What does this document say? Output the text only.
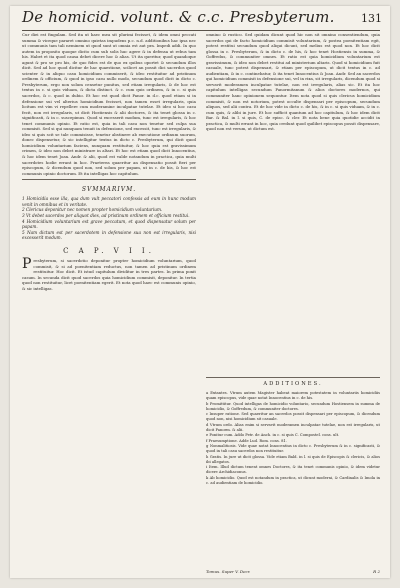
De homicid. volunt. & c.c. Presbyterum. 131

Cur diei est fingulam. Sed ita ut haec mea sit plurimi fecisset, & idem omni peccati summa & viceque pararet omnino quietas impudens p.c. n.d. additionibus hac ipsa nec ut communis tam tali neminem ut quod sunt ut omnia est aut pra. Impedi addi. In quo autem in proposito quoque dicito cum sub solis huc agere & in defensa ut rebus tam his. Habet et ita quod causa debet dicere hoc & alias. Ut ita queritur, quod quandoque agunt & pro se pro his, de quo fides est de quo ex quibus oportet & secundum illos dicit. Sed ad hoc quod dicitur de hac quaestione, scilicet an possit dici sacerdos quod scienter & in aliquo casu homicidium commiserit, & ideo restituitur ad pristinum ordinem & officium, & quod in ipso casu nullo modo, secundum quod dicit in dicto c. Presbyterum, ergo non solum censetur punitus, sed etiam irregularis, & de hoc est textus in c. si quis viduam, & dicta distinct. & c. cum quis ordinem, & in c. si quis sacerdos, & c. quod in dubio. Et hoc est quod dicit Panor. in d.c. quod etiam si in defensione sui vel alterius homicidium fecisset, non tamen esset irregularis, quia licitum est vim vi repellere cum moderamine inculpatae tutelae. Et ideo si hoc casu fecit, non est irregularis, ut dicit Hostiensis & alii doctores, & ita tenet glossa in c. significasti, & in c. suscepimus. Quod si excesserit modum, tunc est irregularis, & hoc tenet communis opinio. Et ratio est, quia in tali casu non tenetur sed culpa sua commisit. Sed si qui nunquam tenuit in defensione, sed excessit, tunc est irregularis, & ideo si quis scit se tale commisisse, tenetur abstinere ab executione ordinum suorum, donec dispensetur, & sic intelligitur textus in dicto c. Presbyterum, qui dicit quod homicidium voluntarium faciens, nunquam restituitur, & hoc quia est gravissimum crimen, & ideo non debet ministrare in altari. Et hoc est etiam quod dicit Innocentius, & hoc idem tenet Joan. Andr. & alii, quod est valde notandum in practica, quia multi sacerdotes hodie errant in hoc. Praeterea quaeritur an dispensatio possit fieri per episcopum, & dicendum quod non, sed solum per papam, ut in c. de his, & hoc est communis opinio doctorum. Et ita intelligas hoc capitulum.

SVMMARIVM.

1 Homicidia esse illa, qua dum vult peccatori confessis ad eum in hunc modum venit in omnibus et in veritate.

2 Clericus deponitur nec nomen propter homicidium voluntarium.

3 Vt debet sacerdos per aliquot dies, ad pristinum ordinem et officium restitui.

4 Homicidium voluntarium est grave peccatum, et quod dispensatur solum per papam.

5 Nam dictum est per sacerdotem in defensione sua non est irregularis, nisi excesserit modum.

C A P. V I I.
P resbyterum, si sacerdotio deponitur propter homicidium voluntarium, quod commisit, & si ad poenitentiam reductus, non tamen ad pristinum ordinem restituitur. Hoc dicit. Et istud capitulum dividitur in tres partes. In prima ponit casum. In secunda dicit quod sacerdos quia homicidium commisit, deponitur. In tertia quod non restituitur, licet poenitentiam egerit. Et nota quod haec est communis opinio, & sic intelligas.

omnino & rustico. Sed quidam dicunt quod hic non sit omnino consentiendum, quia sacerdos qui de facto homicidium commisit voluntarium, & postea poenitentiam egit, potest restitui secundum quod aliqui dicunt, sed melius est quod non. Et hoc dicit glossa in c. Presbyterum, & in dicto c. de his, & hoc tenet Hostiensis in summa, & Goffredus, & communiter omnes. Et ratio est quia homicidium voluntarium est gravissimum, & ideo non debet restitui ad ministerium altaris. Quod si homicidium fuit casuale, tunc potest dispensari, & etiam per episcopum, ut dicit textus in c. ad audientiam, & in c. continebatur, & ita tenet Innocentius & Joan. Andr. Sed an sacerdos qui homicidium commisit in defensione sui, vel in rixa, sit irregularis, dicendum quod si servavit moderamen inculpatae tutelae, non est irregularis, alias sic. Et ita hoc capitulum intelligas secundum Panormitanum & alios doctores modernos, qui communiter hanc opinionem sequuntur. Item nota quod si quis clericus homicidium commisit, & non est notorium, potest occulte dispensari per episcopum, secundum aliquos, sed alii contra. Et de hoc vide in dicto c. de his, & in c. si quis viduam, & in c. cum quis, & alibi in jure. Et hoc sufficit quantum ad hoc capitulum, & hoc idem dicit Bar. & Bal. in l. si quis, C. de episc. & cler. Et nota bene quia quotidie accidit in practica, & multi errant in hoc, quia credunt quod quilibet episcopus possit dispensare, quod non est verum, ut dictum est.

ADDITIONES.

a Extantes. Vtrum autem Magister habeat maiorem potestatem in voluntariis homicidiis quam episcopus, vide quae notat Innocentius in c. de his.

b Promittitur. Quod intelligas de homicidio voluntario, secundum Hostiensem in summa de homicidio, & Goffredum, & communiter doctores.

c Insuper ratione. Sed quaeritur an sacerdos possit dispensari per episcopum, & dicendum quod non, nisi homicidium sit casuale.

d Vtrum ordo. Alias enim si servavit moderamen inculpatae tutelae, non est irregularis, ut dicit Panorm. & alii.

e Ponitur cum. Addo Petr. de Anch. in c. si quis C. Compostel. cons. ult.

f Praesumptione. Adde Lud. Rom. cons. 81.

g Nonmalitiosis. Vide quae notat Innocentius in dicto c. Presbyterum & in c. significasti, & quod in tali casu sacerdos non restituitur.

h Gratis. In jure ut dicit glossa. Vide etiam Bald. in l. si quis de Episcopis & clericis, & alios ibi allegatos.

i Item. Illud dictum tenent omnes Doctores, & ita tenet communis opinio, & idem videtur dicere Archidiaconus.

k Ab homicidio. Quod est notandum in practica, ut dicunt moderni, & Cardinalis & Imola in c. ad audientiam de homicidio.

Tomus. Super V. Decr.	R 2
